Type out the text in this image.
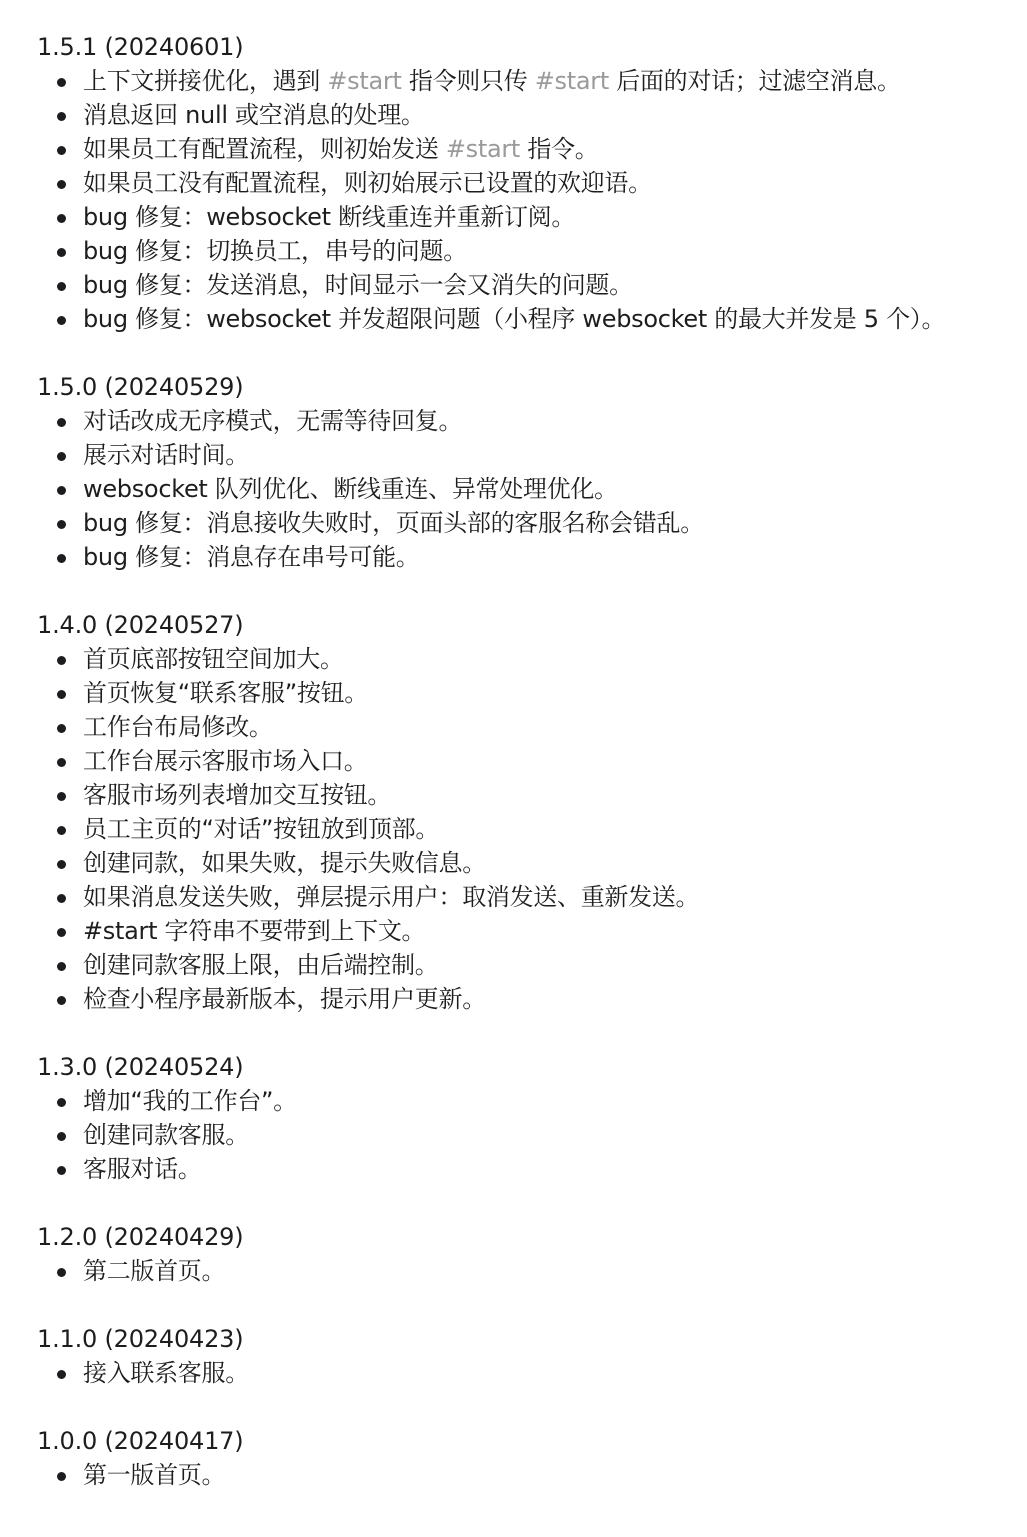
1.5.1 (20240601)
上下文拼接优化，遇到 #start 指令则只传 #start 后面的对话；过滤空消息。
消息返回 null 或空消息的处理。
如果员工有配置流程，则初始发送 #start 指令。
如果员工没有配置流程，则初始展示已设置的欢迎语。
bug 修复：websocket 断线重连并重新订阅。
bug 修复：切换员工，串号的问题。
bug 修复：发送消息，时间显示一会又消失的问题。
bug 修复：websocket 并发超限问题（小程序 websocket 的最大并发是 5 个）。
1.5.0 (20240529)
对话改成无序模式，无需等待回复。
展示对话时间。
websocket 队列优化、断线重连、异常处理优化。
bug 修复：消息接收失败时，页面头部的客服名称会错乱。
bug 修复：消息存在串号可能。
1.4.0 (20240527)
首页底部按钮空间加大。
首页恢复“联系客服”按钮。
工作台布局修改。
工作台展示客服市场入口。
客服市场列表增加交互按钮。
员工主页的“对话”按钮放到顶部。
创建同款，如果失败，提示失败信息。
如果消息发送失败，弹层提示用户：取消发送、重新发送。
#start 字符串不要带到上下文。
创建同款客服上限，由后端控制。
检查小程序最新版本，提示用户更新。
1.3.0 (20240524)
增加“我的工作台”。
创建同款客服。
客服对话。
1.2.0 (20240429)
第二版首页。
1.1.0 (20240423)
接入联系客服。
1.0.0 (20240417)
第一版首页。
